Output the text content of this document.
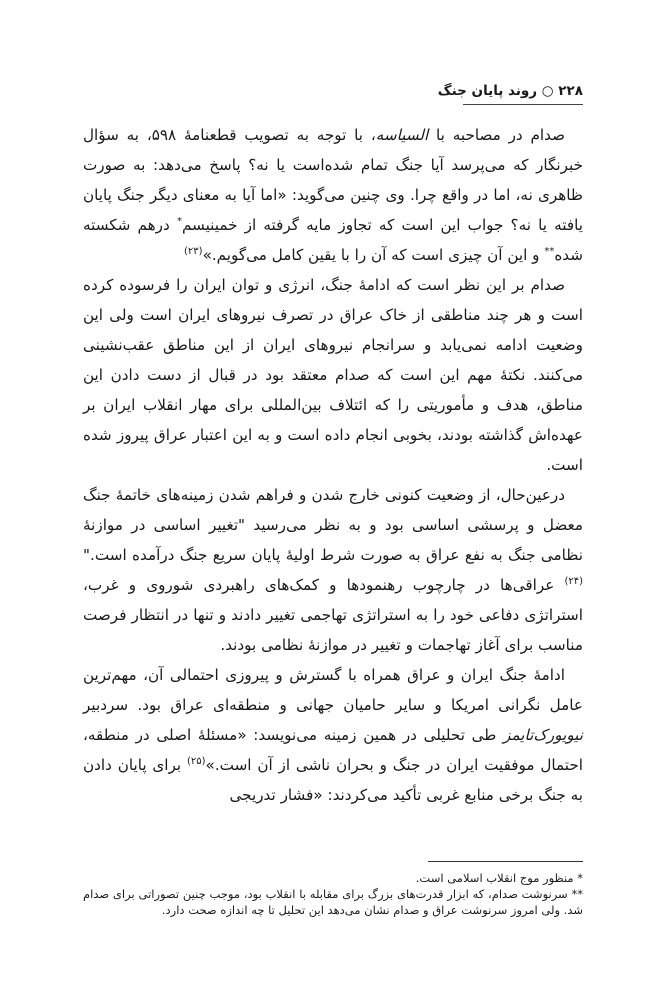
۲۲۸ ○ روند پایان جنگ

صدام در مصاحبه با السیاسه، با توجه به تصویب قطعنامهٔ ۵۹۸، به سؤال خبرنگار که می‌پرسد آیا جنگ تمام شده‌است یا نه؟ پاسخ می‌دهد: به صورت ظاهری نه، اما در واقع چرا. وی چنین می‌گوید: «اما آیا به معنای دیگر جنگ پایان یافته یا نه؟ جواب این است که تجاوز مایه گرفته از خمینیسم* درهم شکسته شده** و این آن چیزی است که آن را با یقین کامل می‌گویم.»$^{(۲۳)}$

صدام بر این نظر است که ادامهٔ جنگ، انرژی و توان ایران را فرسوده کرده است و هر چند مناطقی از خاک عراق در تصرف نیروهای ایران است ولی این وضعیت ادامه نمی‌یابد و سرانجام نیروهای ایران از این مناطق عقب‌نشینی می‌کنند. نکتهٔ مهم این است که صدام معتقد بود در قبال از دست دادن این مناطق، هدف و مأموریتی را که ائتلاف بین‌المللی برای مهار انقلاب ایران بر عهده‌اش گذاشته بودند، بخوبی انجام داده است و به این اعتبار عراق پیروز شده است.

درعین‌حال، از وضعیت کنونی خارج شدن و فراهم شدن زمینه‌های خاتمهٔ جنگ معضل و پرسشی اساسی بود و به نظر می‌رسید "تغییر اساسی در موازنهٔ نظامی جنگ به نفع عراق به صورت شرط اولیهٔ پایان سریع جنگ درآمده است."$^{(۲۴)}$ عراقی‌ها در چارچوب رهنمودها و کمک‌های راهبردی شوروی و غرب، استراتژی دفاعی خود را به استراتژی تهاجمی تغییر دادند و تنها در انتظار فرصت مناسب برای آغاز تهاجمات و تغییر در موازنهٔ نظامی بودند.

ادامهٔ جنگ ایران و عراق همراه با گسترش و پیروزی احتمالی آن، مهم‌ترین عامل نگرانی امریکا و سایر حامیان جهانی و منطقه‌ای عراق بود. سردبیر نیویورک‌تایمز طی تحلیلی در همین زمینه می‌نویسد: «مسئلهٔ اصلی در منطقه، احتمال موفقیت ایران در جنگ و بحران ناشی از آن است.»$^{(۲۵)}$ برای پایان دادن به جنگ برخی منابع غربی تأکید می‌کردند: «فشار تدریجی

* منظور موج انقلاب اسلامی است.

** سرنوشت صدام، که ابزار قدرت‌های بزرگ برای مقابله با انقلاب بود، موجب چنین تصوراتی برای صدام شد. ولی امروز سرنوشت عراق و صدام نشان می‌دهد این تحلیل تا چه اندازه صحت دارد.
